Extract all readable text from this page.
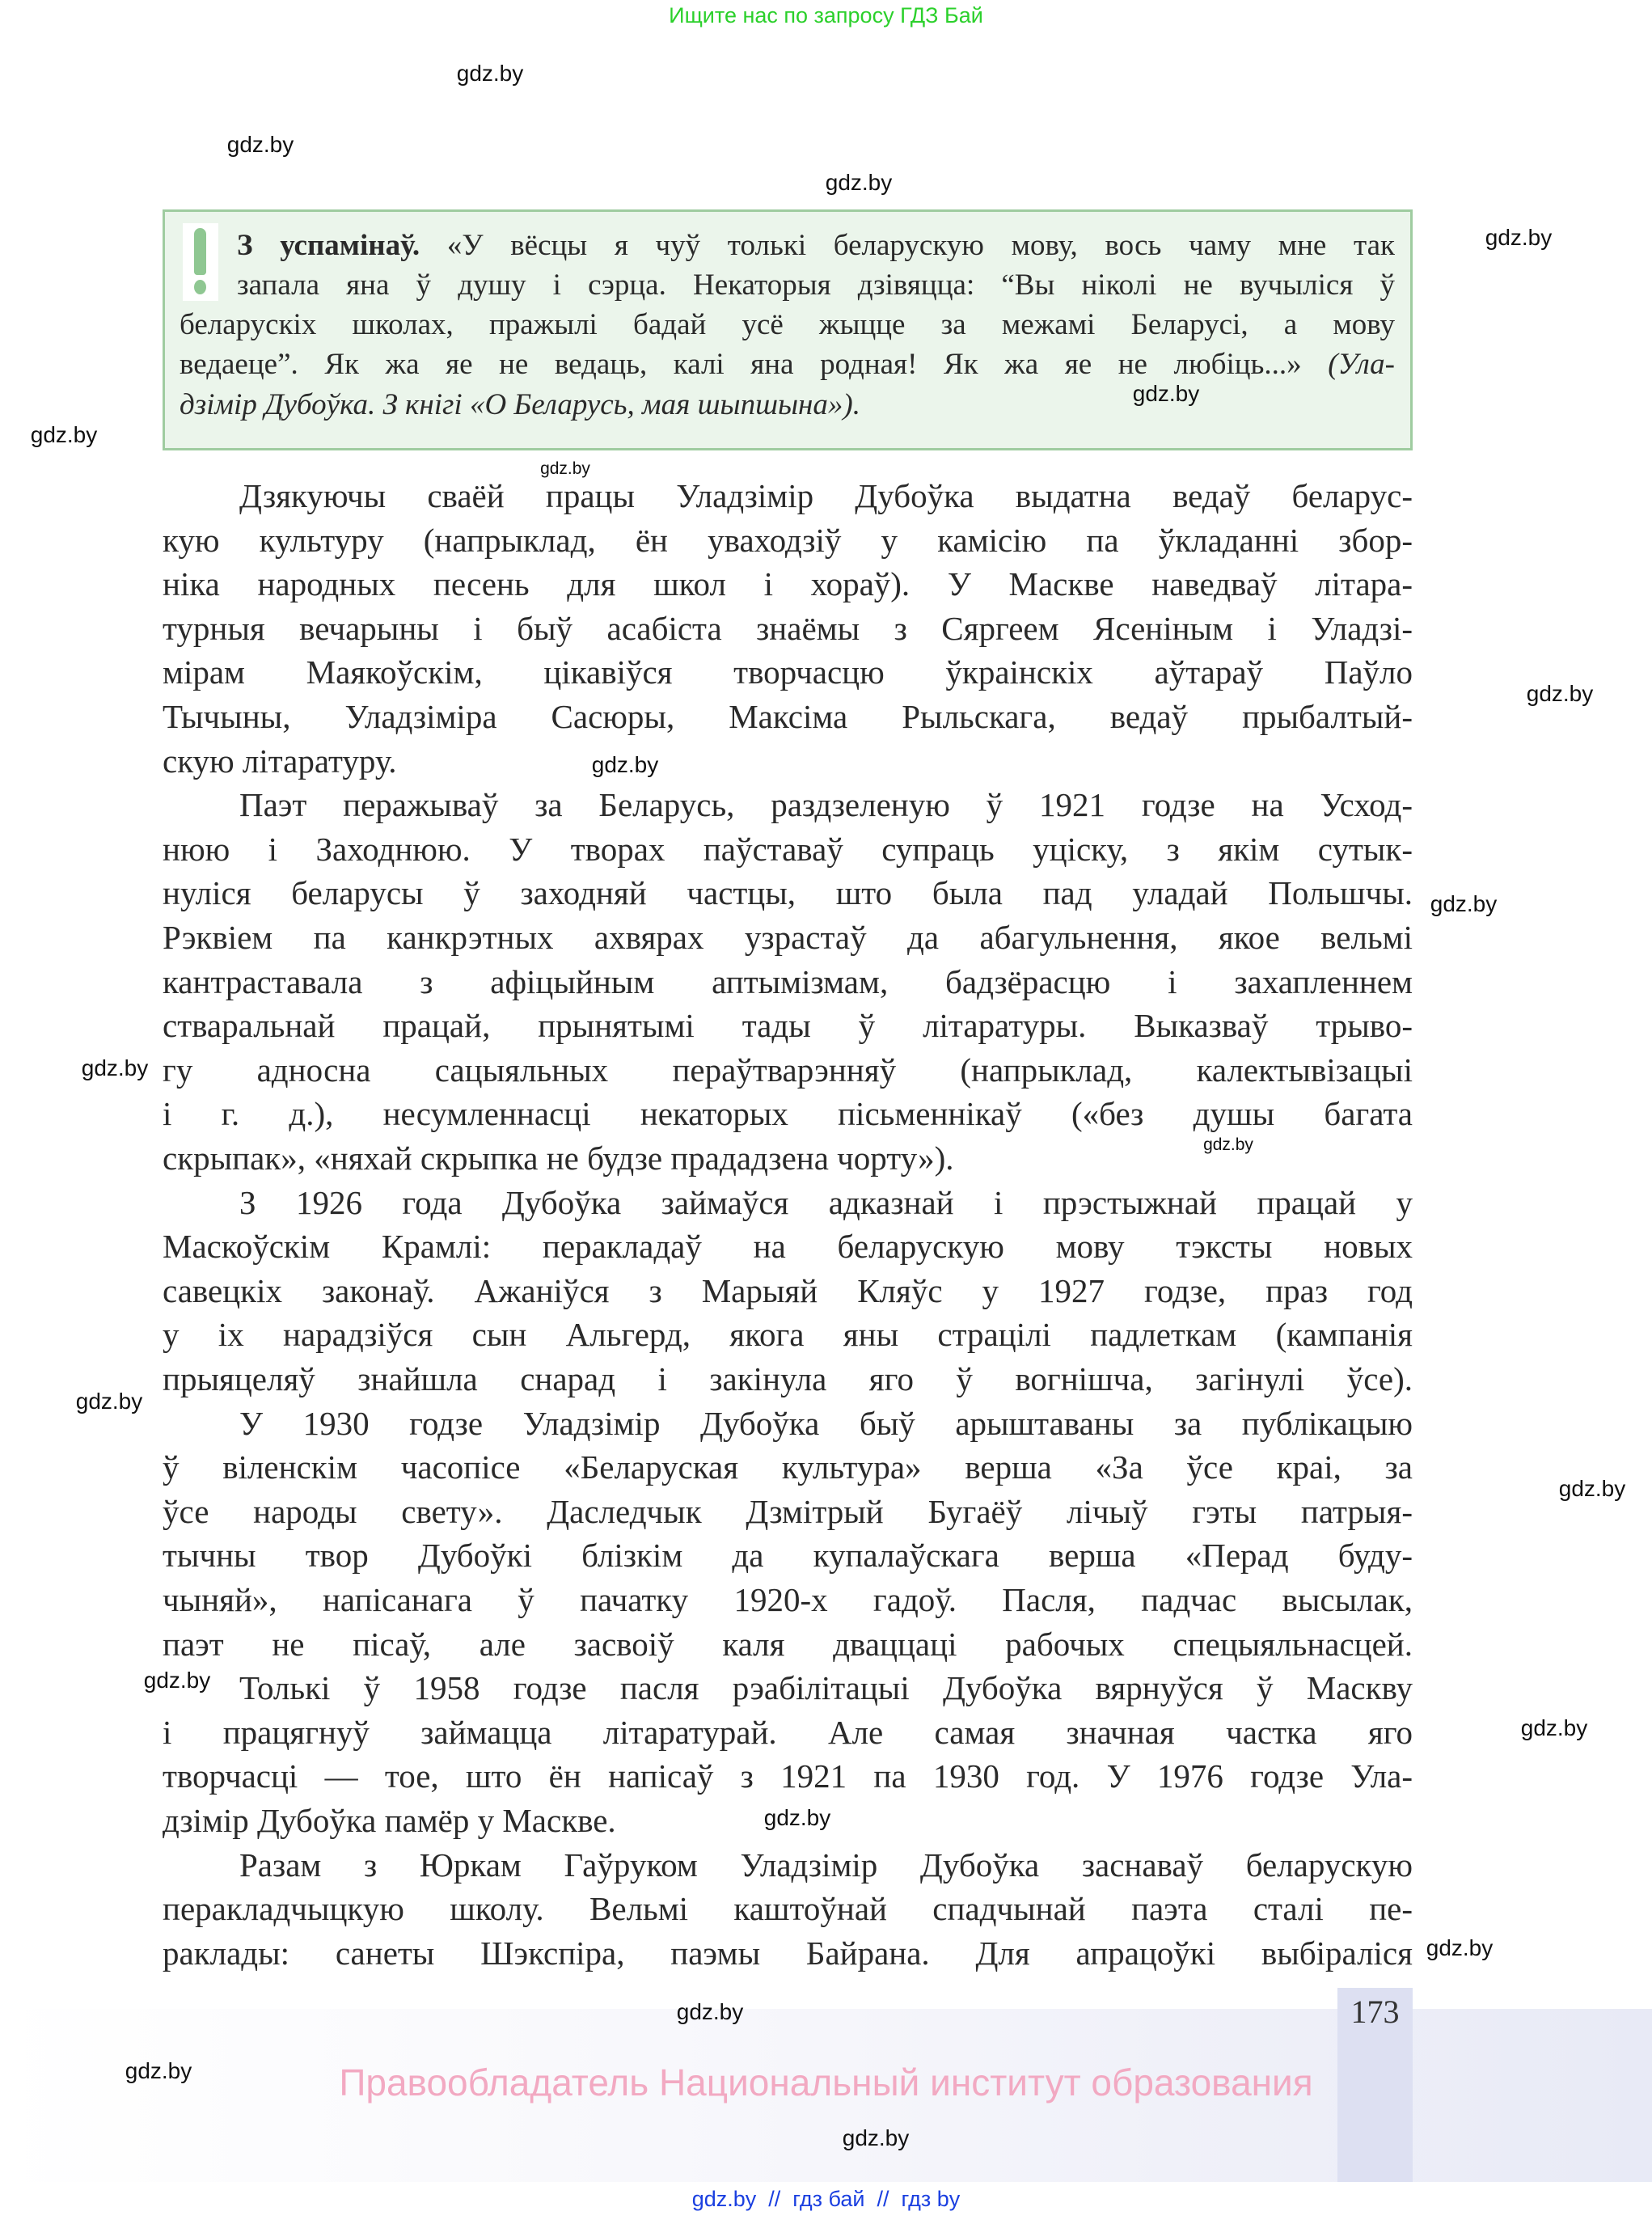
Ищите нас по запросу ГДЗ Бай
З успамінаў. «У вёсцы я чуў толькі беларускую мову, вось чаму мне так
запала яна ў душу і сэрца. Некаторыя дзівяцца: “Вы ніколі не вучыліся ў
беларускіх школах, пражылі бадай усё жыцце за межамі Беларусі, а мову
ведаеце”. Як жа яе не ведаць, калі яна родная! Як жа яе не любіць...» (Ула-
дзімір Дубоўка. З кнігі «О Беларусь, мая шыпшына»).
Дзякуючы сваёй працы Уладзімір Дубоўка выдатна ведаў беларус-
кую культуру (напрыклад, ён уваходзіў у камісію па ўкладанні збор-
ніка народных песень для школ і хораў). У Маскве наведваў літара-
турныя вечарыны і быў асабіста знаёмы з Сяргеем Ясеніным і Уладзі-
мірам Маякоўскім, цікавіўся творчасцю ўкраінскіх аўтараў Паўло
Тычыны, Уладзіміра Сасюры, Максіма Рыльскага, ведаў прыбалтый-
скую літаратуру.
Паэт перажываў за Беларусь, раздзеленую ў 1921 годзе на Усход-
нюю і Заходнюю. У творах паўставаў супраць уціску, з якім сутык-
нуліся беларусы ў заходняй частцы, што была пад уладай Польшчы.
Рэквіем па канкрэтных ахвярах узрастаў да абагульнення, якое вельмі
кантраставала з афіцыйным аптымізмам, бадзёрасцю і захапленнем
стваральнай працай, прынятымі тады ў літаратуры. Выказваў трыво-
гу адносна сацыяльных пераўтварэнняў (напрыклад, калектывізацыі
і г. д.), несумленнасці некаторых пісьменнікаў («без душы багата
скрыпак», «няхай скрыпка не будзе прададзена чорту»).
З 1926 года Дубоўка займаўся адказнай і прэстыжнай працай у
Маскоўскім Крамлі: перакладаў на беларускую мову тэксты новых
савецкіх законаў. Ажаніўся з Марыяй Кляўс у 1927 годзе, праз год
у іх нарадзіўся сын Альгерд, якога яны страцілі падлеткам (кампанія
прыяцеляў знайшла снарад і закінула яго ў вогнішча, загінулі ўсе).
У 1930 годзе Уладзімір Дубоўка быў арыштаваны за публікацыю
ў віленскім часопісе «Беларуская культура» верша «За ўсе краі, за
ўсе народы свету». Даследчык Дзмітрый Бугаёў лічыў гэты патрыя-
тычны твор Дубоўкі блізкім да купалаўскага верша «Перад буду-
чыняй», напісанага ў пачатку 1920-х гадоў. Пасля, падчас высылак,
паэт не пісаў, але засвоіў каля дваццаці рабочых спецыяльнасцей.
Толькі ў 1958 годзе пасля рэабілітацыі Дубоўка вярнуўся ў Маскву
і працягнуў займацца літаратурай. Але самая значная частка яго
творчасці — тое, што ён напісаў з 1921 па 1930 год. У 1976 годзе Ула-
дзімір Дубоўка памёр у Маскве.
Разам з Юркам Гаўруком Уладзімір Дубоўка заснаваў беларускую
перакладчыцкую школу. Вельмі каштоўнай спадчынай паэта сталі пе-
раклады: санеты Шэкспіра, паэмы Байрана. Для апрацоўкі выбіраліся
173
Правообладатель Национальный институт образования
gdz.by  //  гдз бай  //  гдз by
gdz.by
gdz.by
gdz.by
gdz.by
gdz.by
gdz.by
gdz.by
gdz.by
gdz.by
gdz.by
gdz.by
gdz.by
gdz.by
gdz.by
gdz.by
gdz.by
gdz.by
gdz.by
gdz.by
gdz.by
gdz.by
